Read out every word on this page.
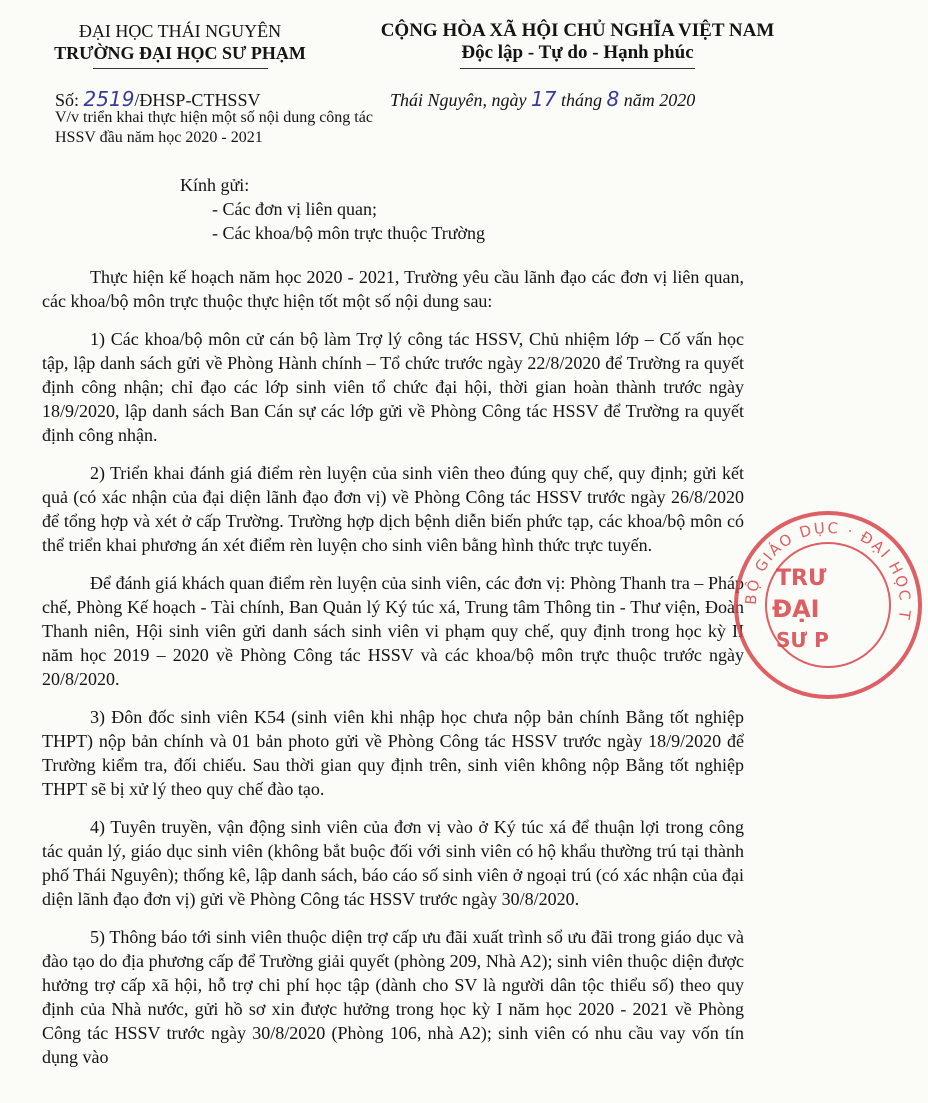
ĐẠI HỌC THÁI NGUYÊN
TRƯỜNG ĐẠI HỌC SƯ PHẠM
CỘNG HÒA XÃ HỘI CHỦ NGHĨA VIỆT NAM
Độc lập - Tự do - Hạnh phúc
Số: 2519/ĐHSP-CTHSSV
V/v triển khai thực hiện một số nội dung công tác HSSV đầu năm học 2020 - 2021
Thái Nguyên, ngày 17 tháng 8 năm 2020
Kính gửi:
- Các đơn vị liên quan;
- Các khoa/bộ môn trực thuộc Trường

Thực hiện kế hoạch năm học 2020 - 2021, Trường yêu cầu lãnh đạo các đơn vị liên quan, các khoa/bộ môn trực thuộc thực hiện tốt một số nội dung sau:

1) Các khoa/bộ môn cử cán bộ làm Trợ lý công tác HSSV, Chủ nhiệm lớp – Cố vấn học tập, lập danh sách gửi về Phòng Hành chính – Tổ chức trước ngày 22/8/2020 để Trường ra quyết định công nhận; chỉ đạo các lớp sinh viên tổ chức đại hội, thời gian hoàn thành trước ngày 18/9/2020, lập danh sách Ban Cán sự các lớp gửi về Phòng Công tác HSSV để Trường ra quyết định công nhận.

2) Triển khai đánh giá điểm rèn luyện của sinh viên theo đúng quy chế, quy định; gửi kết quả (có xác nhận của đại diện lãnh đạo đơn vị) về Phòng Công tác HSSV trước ngày 26/8/2020 để tổng hợp và xét ở cấp Trường. Trường hợp dịch bệnh diễn biến phức tạp, các khoa/bộ môn có thể triển khai phương án xét điểm rèn luyện cho sinh viên bằng hình thức trực tuyến.

Để đánh giá khách quan điểm rèn luyện của sinh viên, các đơn vị: Phòng Thanh tra – Pháp chế, Phòng Kế hoạch - Tài chính, Ban Quản lý Ký túc xá, Trung tâm Thông tin - Thư viện, Đoàn Thanh niên, Hội sinh viên gửi danh sách sinh viên vi phạm quy chế, quy định trong học kỳ II năm học 2019 – 2020 về Phòng Công tác HSSV và các khoa/bộ môn trực thuộc trước ngày 20/8/2020.

3) Đôn đốc sinh viên K54 (sinh viên khi nhập học chưa nộp bản chính Bằng tốt nghiệp THPT) nộp bản chính và 01 bản photo gửi về Phòng Công tác HSSV trước ngày 18/9/2020 để Trường kiểm tra, đối chiếu. Sau thời gian quy định trên, sinh viên không nộp Bằng tốt nghiệp THPT sẽ bị xử lý theo quy chế đào tạo.

4) Tuyên truyền, vận động sinh viên của đơn vị vào ở Ký túc xá để thuận lợi trong công tác quản lý, giáo dục sinh viên (không bắt buộc đối với sinh viên có hộ khẩu thường trú tại thành phố Thái Nguyên); thống kê, lập danh sách, báo cáo số sinh viên ở ngoại trú (có xác nhận của đại diện lãnh đạo đơn vị) gửi về Phòng Công tác HSSV trước ngày 30/8/2020.

5) Thông báo tới sinh viên thuộc diện trợ cấp ưu đãi xuất trình sổ ưu đãi trong giáo dục và đào tạo do địa phương cấp để Trường giải quyết (phòng 209, Nhà A2); sinh viên thuộc diện được hưởng trợ cấp xã hội, hỗ trợ chi phí học tập (dành cho SV là người dân tộc thiểu số) theo quy định của Nhà nước, gửi hồ sơ xin được hưởng trong học kỳ I năm học 2020 - 2021 về Phòng Công tác HSSV trước ngày 30/8/2020 (Phòng 106, nhà A2); sinh viên có nhu cầu vay vốn tín dụng vào

BỘ GIÁO DỤC · ĐẠI HỌC T
TRƯ
ĐẠI
SƯ P
